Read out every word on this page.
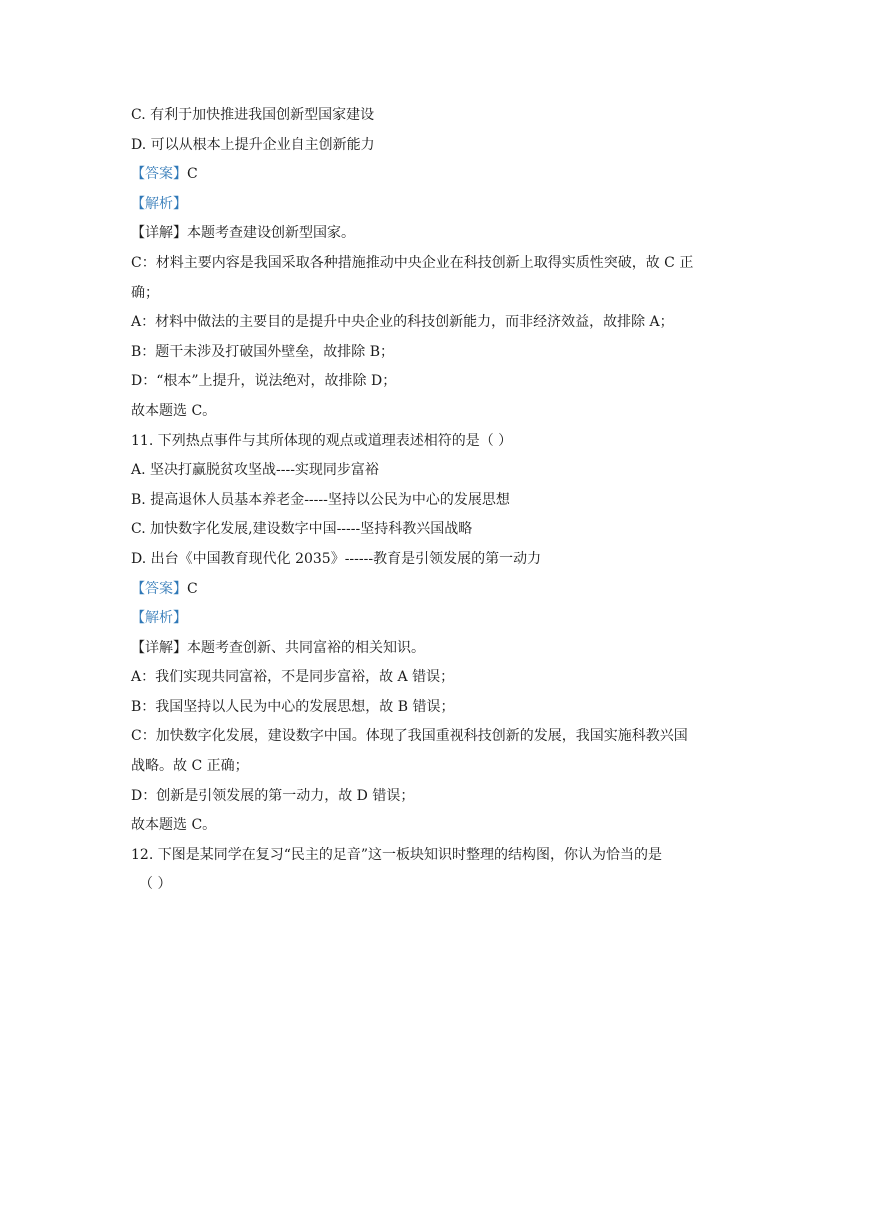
C. 有利于加快推进我国创新型国家建设
D. 可以从根本上提升企业自主创新能力
【答案】C
【解析】
【详解】本题考查建设创新型国家。
C：材料主要内容是我国采取各种措施推动中央企业在科技创新上取得实质性突破，故 C 正
确；
A：材料中做法的主要目的是提升中央企业的科技创新能力，而非经济效益，故排除 A；
B：题干未涉及打破国外壁垒，故排除 B；
D：“根本”上提升，说法绝对，故排除 D；
故本题选 C。
11. 下列热点事件与其所体现的观点或道理表述相符的是（ ）
A. 坚决打赢脱贫攻坚战----实现同步富裕
B. 提高退休人员基本养老金-----坚持以公民为中心的发展思想
C. 加快数字化发展,建设数字中国-----坚持科教兴国战略
D. 出台《中国教育现代化 2035》------教育是引领发展的第一动力
【答案】C
【解析】
【详解】本题考查创新、共同富裕的相关知识。
A：我们实现共同富裕，不是同步富裕，故 A 错误；
B：我国坚持以人民为中心的发展思想，故 B 错误；
C：加快数字化发展，建设数字中国。体现了我国重视科技创新的发展，我国实施科教兴国
战略。故 C 正确；
D：创新是引领发展的第一动力，故 D 错误；
故本题选 C。
12. 下图是某同学在复习“民主的足音”这一板块知识时整理的结构图，你认为恰当的是
（ ）
